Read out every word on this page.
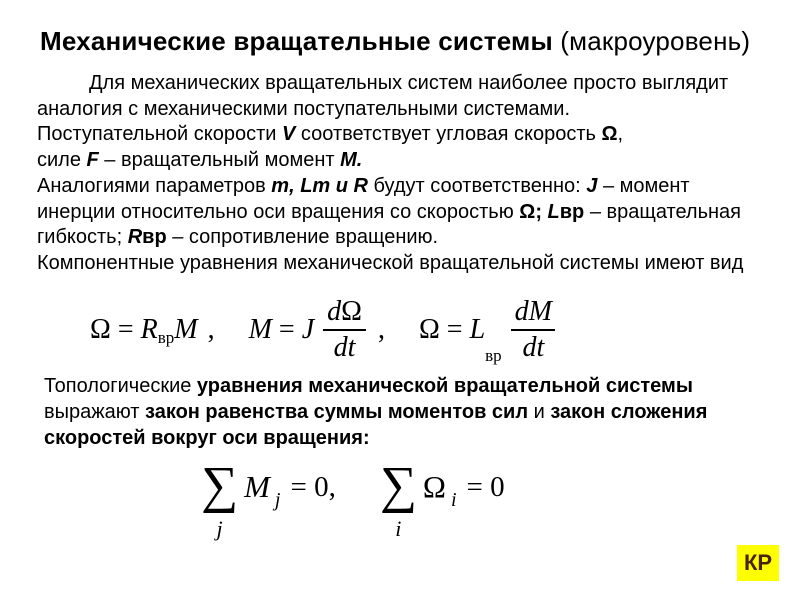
Механические вращательные системы (макроуровень)
Для механических вращательных систем наиболее просто выглядит
аналогия с механическими поступательными системами.
Поступательной скорости V соответствует угловая скорость Ω,
силе F – вращательный момент M.
Аналогиями параметров m, Lm и R будут соответственно: J – момент
инерции относительно оси вращения со скоростью Ω; Lвр – вращательная
гибкость; Rвр – сопротивление вращению.
Компонентные уравнения механической вращательной системы имеют вид
Ω = R вр M , M = J $\frac{d\Omega}{dt}$ , Ω = L
вр $\frac{dM}{dt}$
Топологические уравнения механической вращательной системы
выражают закон равенства суммы моментов сил и закон сложения
скоростей вокруг оси вращения:
∑
j
M $_j$ = 0, ∑
i
Ω $_i$ = 0
КР
